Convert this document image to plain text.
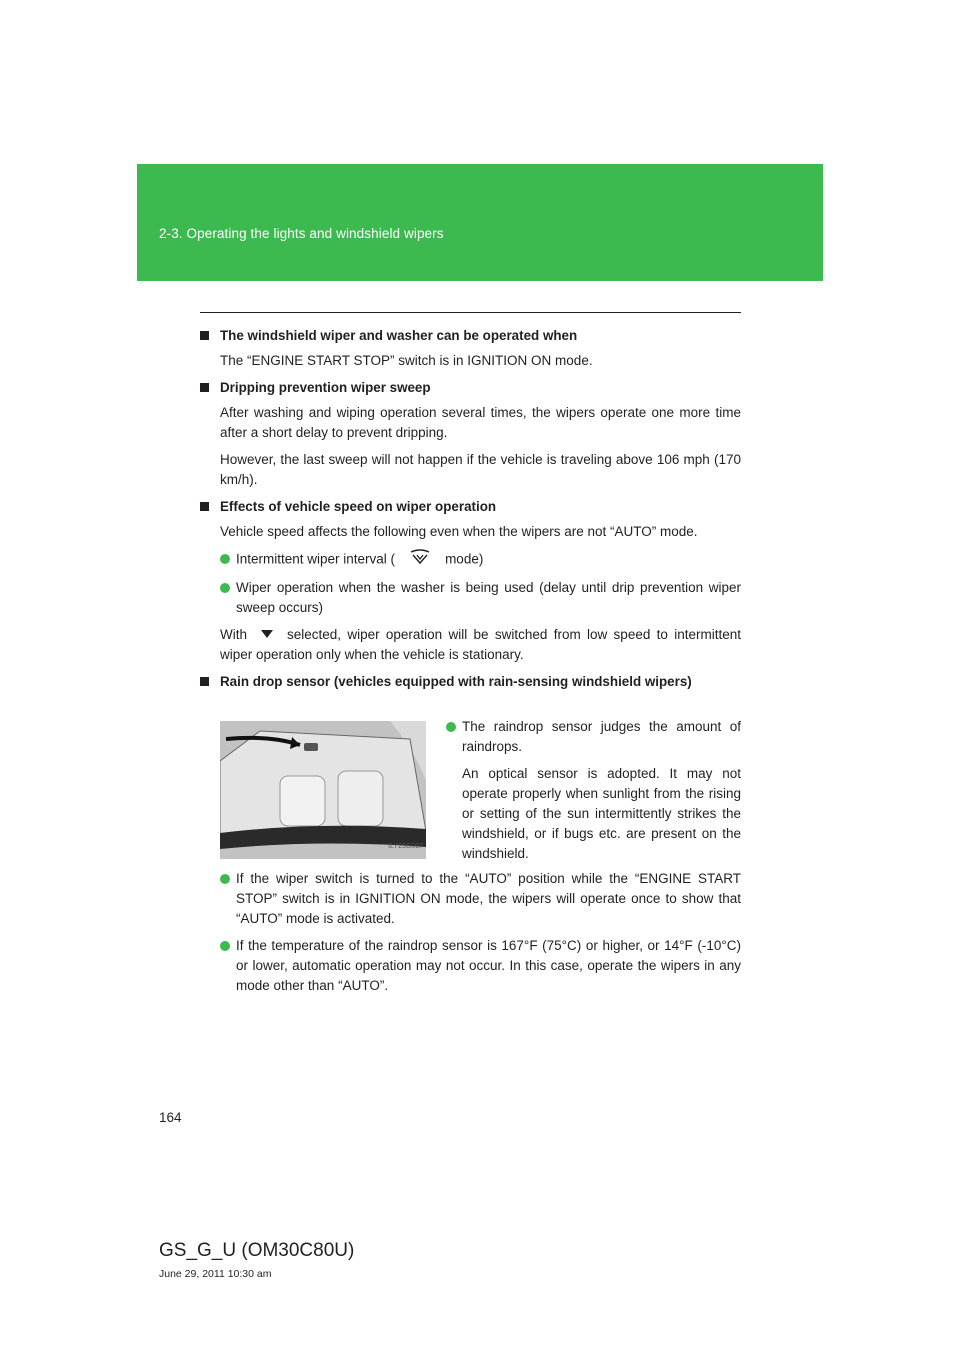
2-3. Operating the lights and windshield wipers
The windshield wiper and washer can be operated when
The “ENGINE START STOP” switch is in IGNITION ON mode.
Dripping prevention wiper sweep
After washing and wiping operation several times, the wipers operate one more time after a short delay to prevent dripping.
However, the last sweep will not happen if the vehicle is traveling above 106 mph (170 km/h).
Effects of vehicle speed on wiper operation
Vehicle speed affects the following even when the wipers are not “AUTO” mode.
Intermittent wiper interval (	mode)
Wiper operation when the washer is being used (delay until drip prevention wiper sweep occurs)
With	selected, wiper operation will be switched from low speed to intermittent wiper operation only when the vehicle is stationary.
Rain drop sensor (vehicles equipped with rain-sensing windshield wipers)
ILY23G007
The raindrop sensor judges the amount of raindrops.
An optical sensor is adopted. It may not operate properly when sunlight from the rising or setting of the sun intermittently strikes the windshield, or if bugs etc. are present on the windshield.
If the wiper switch is turned to the “AUTO” position while the “ENGINE START STOP” switch is in IGNITION ON mode, the wipers will operate once to show that “AUTO” mode is activated.
If the temperature of the raindrop sensor is 167°F (75°C) or higher, or 14°F (-10°C) or lower, automatic operation may not occur. In this case, operate the wipers in any mode other than “AUTO”.
164
GS_G_U (OM30C80U)
June 29, 2011 10:30 am
